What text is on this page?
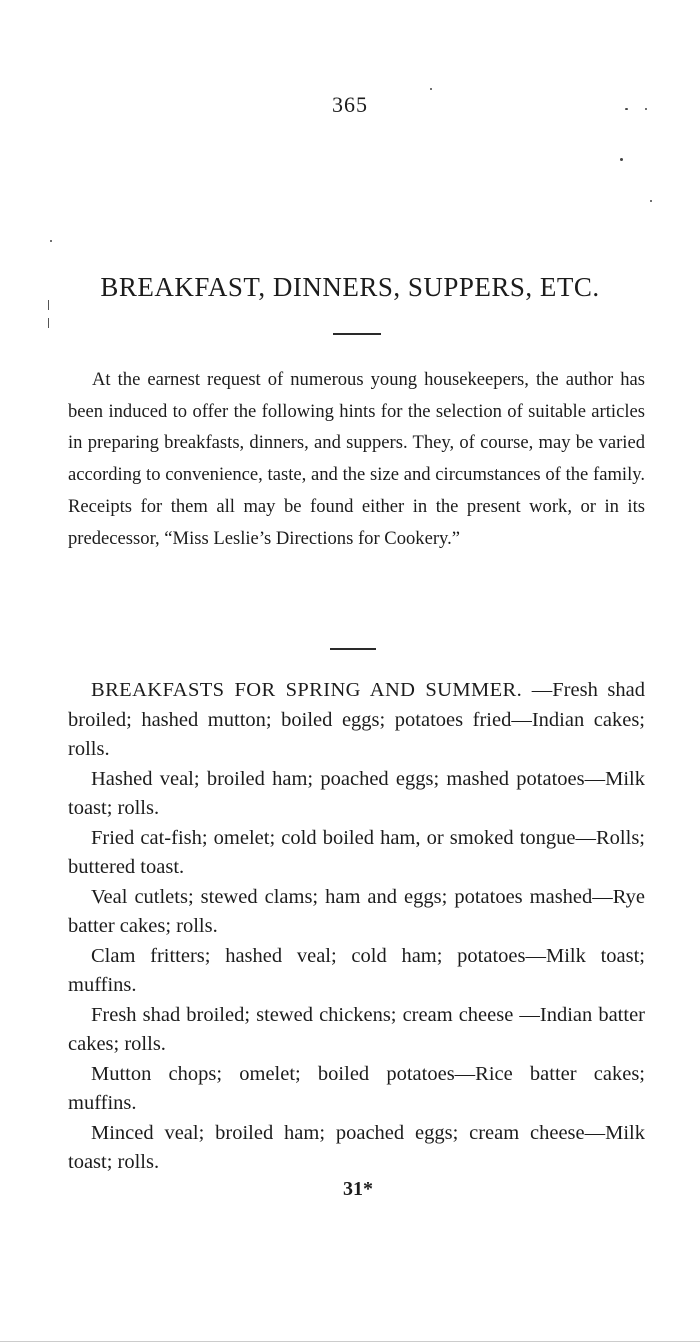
365
BREAKFAST, DINNERS, SUPPERS, ETC.

At the earnest request of numerous young housekeepers, the author has been induced to offer the following hints for the selection of suitable articles in preparing breakfasts, dinners, and suppers. They, of course, may be varied according to convenience, taste, and the size and circumstances of the family. Receipts for them all may be found either in the present work, or in its predecessor, “Miss Leslie’s Directions for Cookery.”

BREAKFASTS FOR SPRING AND SUMMER. —Fresh shad broiled; hashed mutton; boiled eggs; potatoes fried—Indian cakes; rolls.

Hashed veal; broiled ham; poached eggs; mashed potatoes—Milk toast; rolls.

Fried cat-fish; omelet; cold boiled ham, or smoked tongue—Rolls; buttered toast.

Veal cutlets; stewed clams; ham and eggs; potatoes mashed—Rye batter cakes; rolls.

Clam fritters; hashed veal; cold ham; potatoes—Milk toast; muffins.

Fresh shad broiled; stewed chickens; cream cheese —Indian batter cakes; rolls.

Mutton chops; omelet; boiled potatoes—Rice batter cakes; muffins.

Minced veal; broiled ham; poached eggs; cream cheese—Milk toast; rolls.

31*
